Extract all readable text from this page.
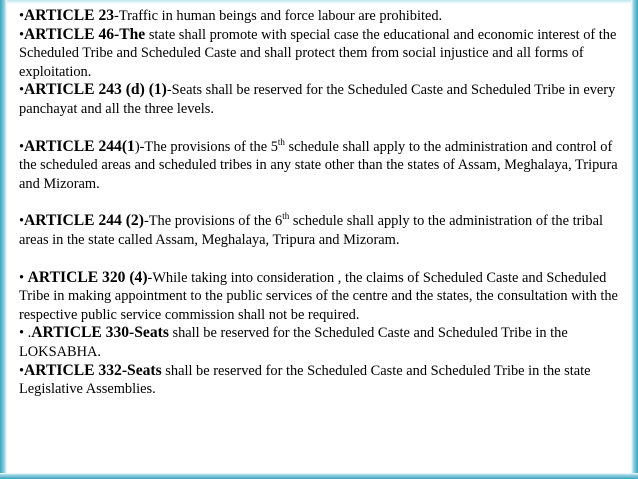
•ARTICLE 23-Traffic in human beings and force labour are prohibited.

•ARTICLE 46-The state shall promote with special case the educational and economic interest of the Scheduled Tribe and Scheduled Caste and shall protect them from social injustice and all forms of exploitation.

•ARTICLE 243 (d) (1)-Seats shall be reserved for the Scheduled Caste and Scheduled Tribe in every panchayat and all the three levels.

•ARTICLE 244(1)-The provisions of the 5th schedule shall apply to the administration and control of the scheduled areas and scheduled tribes in any state other than the states of Assam, Meghalaya, Tripura and Mizoram.

•ARTICLE 244 (2)-The provisions of the 6th schedule shall apply to the administration of the tribal areas in the state called Assam, Meghalaya, Tripura and Mizoram.

• ARTICLE 320 (4)-While taking into consideration , the claims of Scheduled Caste and Scheduled Tribe in making appointment to the public services of the centre and the states, the consultation with the respective public service commission shall not be required.

• .ARTICLE 330-Seats shall be reserved for the Scheduled Caste and Scheduled Tribe in the LOKSABHA.

•ARTICLE 332-Seats shall be reserved for the Scheduled Caste and Scheduled Tribe in the state Legislative Assemblies.
